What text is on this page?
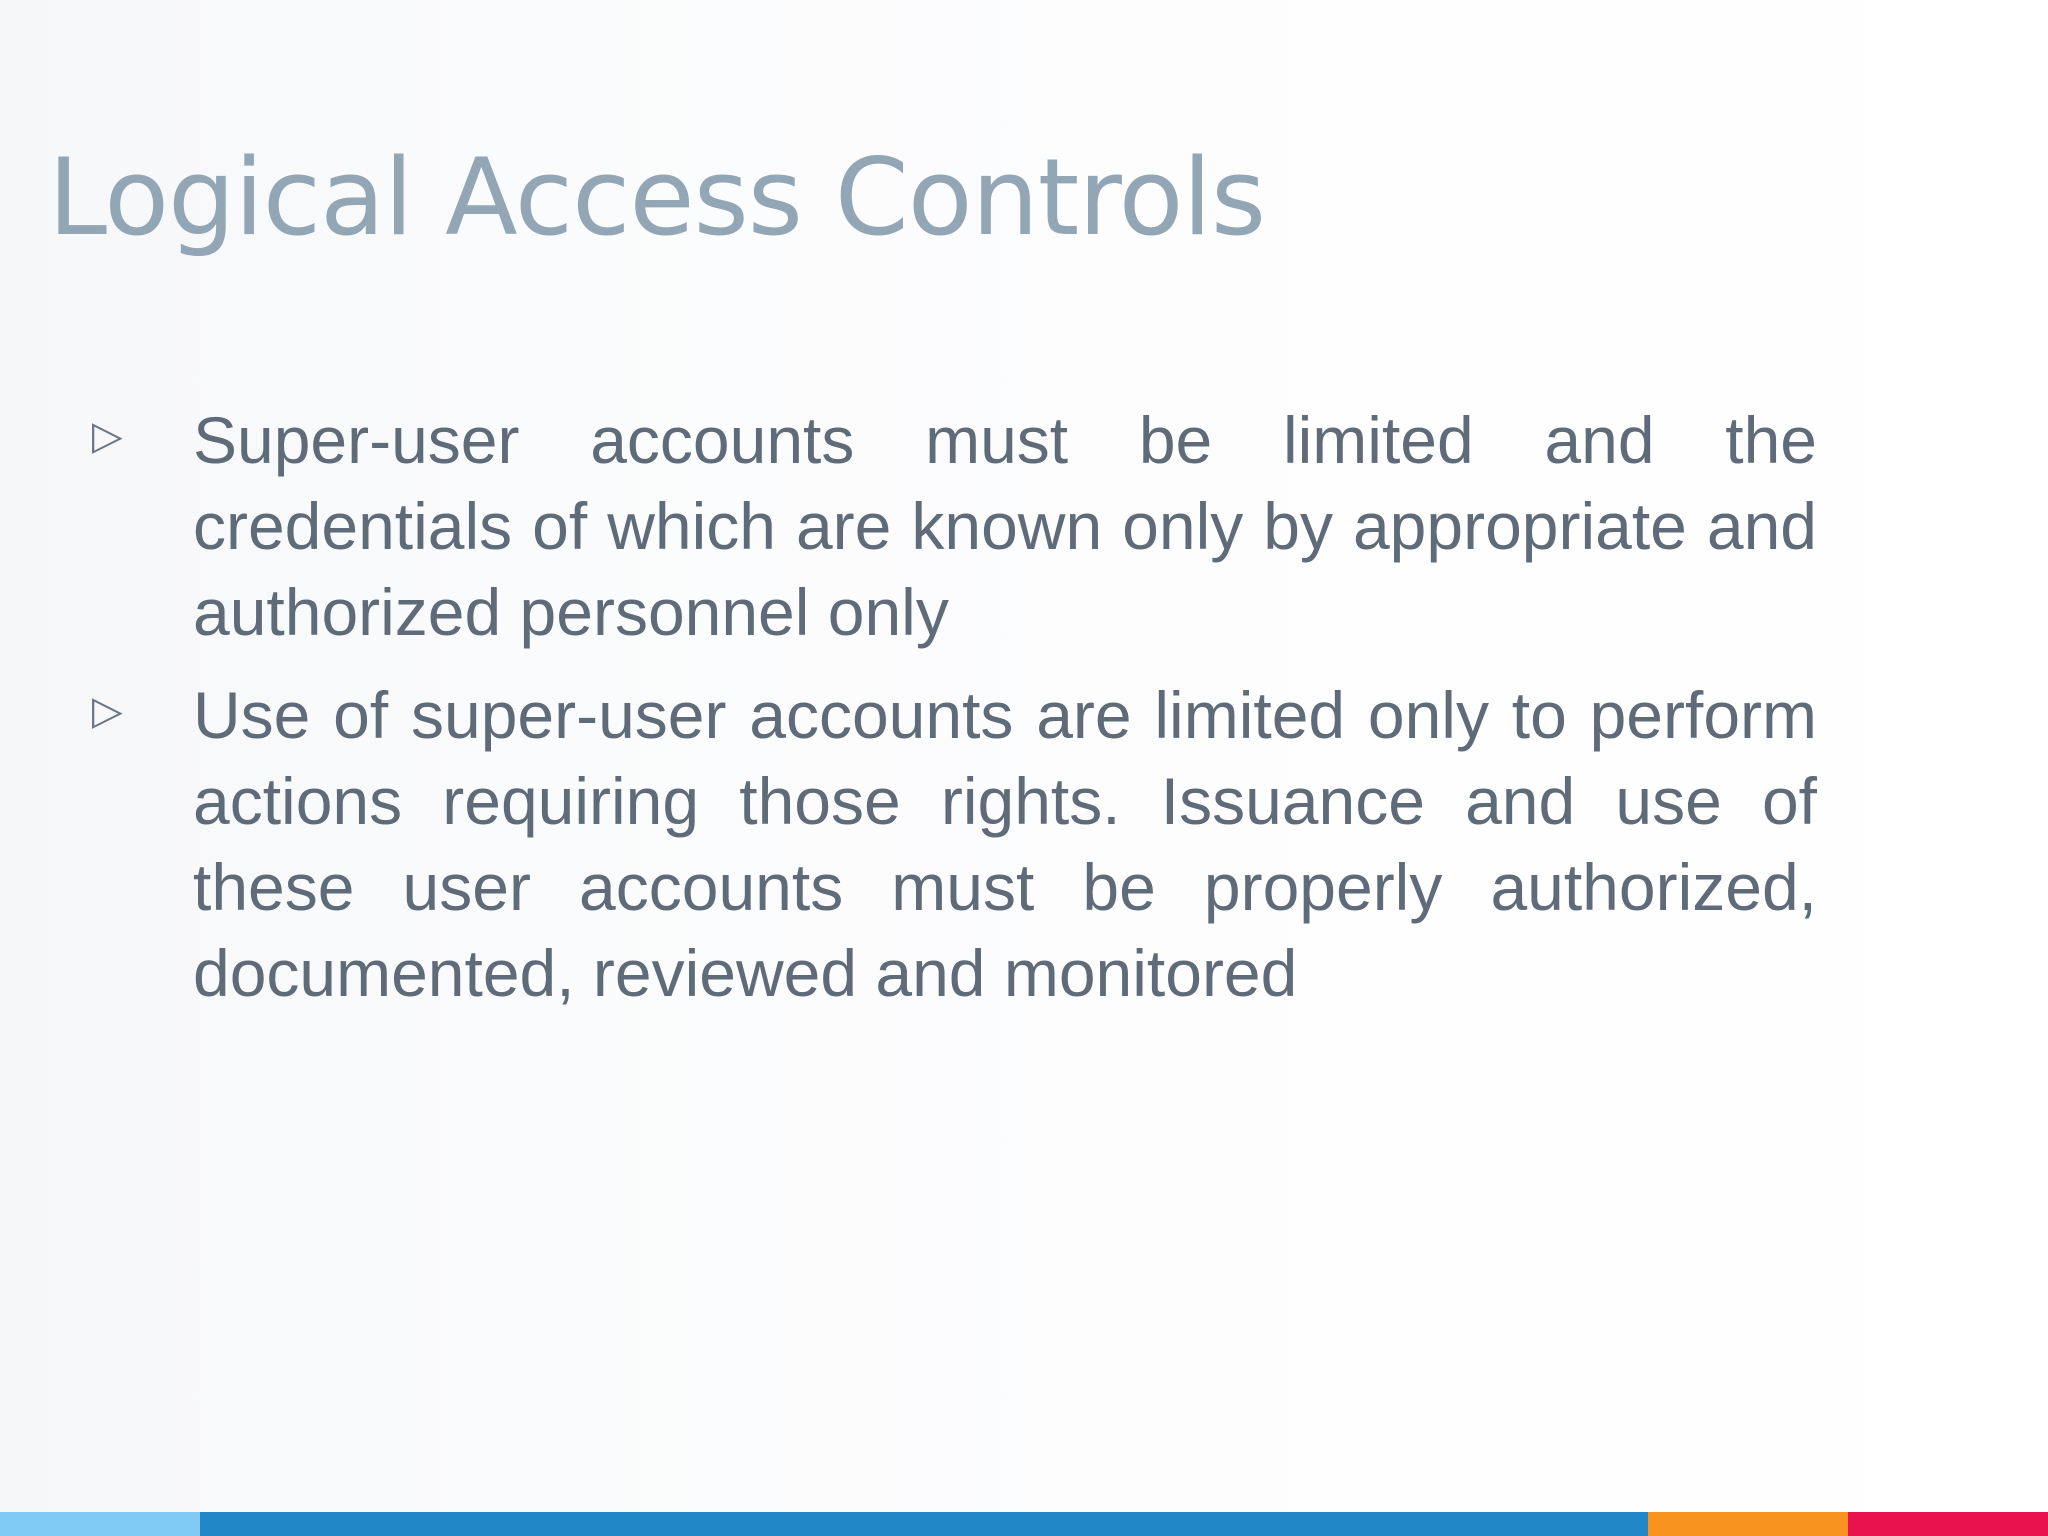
Logical Access Controls
▷ Super-user accounts must be limited and the credentials of which are known only by appropriate and authorized personnel only
▷ Use of super-user accounts are limited only to perform actions requiring those rights. Issuance and use of these user accounts must be properly authorized, documented, reviewed and monitored
